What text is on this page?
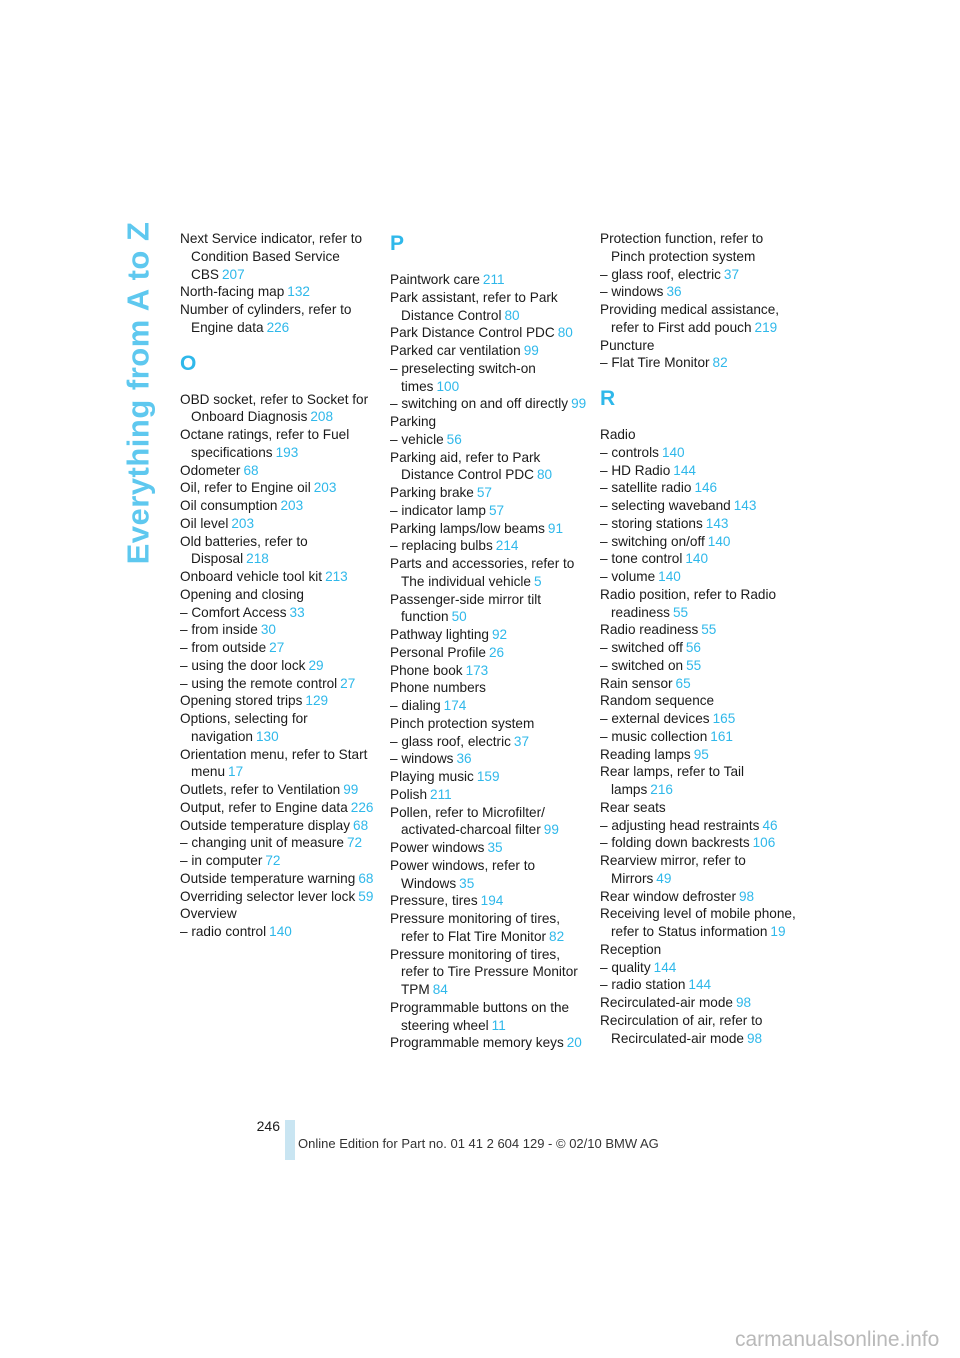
Everything from A to Z Next Service indicator, refer to Condition Based Service CBS 207
North-facing map 132
Number of cylinders, refer to Engine data 226
O
OBD socket, refer to Socket for Onboard Diagnosis 208
Octane ratings, refer to Fuel specifications 193
Odometer 68
Oil, refer to Engine oil 203
Oil consumption 203
Oil level 203
Old batteries, refer to Disposal 218
Onboard vehicle tool kit 213
Opening and closing
– Comfort Access 33
– from inside 30
– from outside 27
– using the door lock 29
– using the remote control 27
Opening stored trips 129
Options, selecting for navigation 130
Orientation menu, refer to Start menu 17
Outlets, refer to Ventilation 99
Output, refer to Engine data 226
Outside temperature display 68
– changing unit of measure 72
– in computer 72
Outside temperature warning 68
Overriding selector lever lock 59
Overview
– radio control 140
P
Paintwork care 211
Park assistant, refer to Park Distance Control 80
Park Distance Control PDC 80
Parked car ventilation 99
– preselecting switch-on times 100
– switching on and off directly 99
Parking
– vehicle 56
Parking aid, refer to Park Distance Control PDC 80
Parking brake 57
– indicator lamp 57
Parking lamps/low beams 91
– replacing bulbs 214
Parts and accessories, refer to The individual vehicle 5
Passenger-side mirror tilt function 50
Pathway lighting 92
Personal Profile 26
Phone book 173
Phone numbers
– dialing 174
Pinch protection system
– glass roof, electric 37
– windows 36
Playing music 159
Polish 211
Pollen, refer to Microfilter/ activated-charcoal filter 99
Power windows 35
Power windows, refer to Windows 35
Pressure, tires 194
Pressure monitoring of tires, refer to Flat Tire Monitor 82
Pressure monitoring of tires, refer to Tire Pressure Monitor TPM 84
Programmable buttons on the steering wheel 11
Programmable memory keys 20
Protection function, refer to Pinch protection system
– glass roof, electric 37
– windows 36
Providing medical assistance, refer to First add pouch 219
Puncture
– Flat Tire Monitor 82
R
Radio
– controls 140
– HD Radio 144
– satellite radio 146
– selecting waveband 143
– storing stations 143
– switching on/off 140
– tone control 140
– volume 140
Radio position, refer to Radio readiness 55
Radio readiness 55
– switched off 56
– switched on 55
Rain sensor 65
Random sequence
– external devices 165
– music collection 161
Reading lamps 95
Rear lamps, refer to Tail lamps 216
Rear seats
– adjusting head restraints 46
– folding down backrests 106
Rearview mirror, refer to Mirrors 49
Rear window defroster 98
Receiving level of mobile phone, refer to Status information 19
Reception
– quality 144
– radio station 144
Recirculated-air mode 98
Recirculation of air, refer to Recirculated-air mode 98
246
Online Edition for Part no. 01 41 2 604 129 - © 02/10 BMW AG
carmanualsonline.info
